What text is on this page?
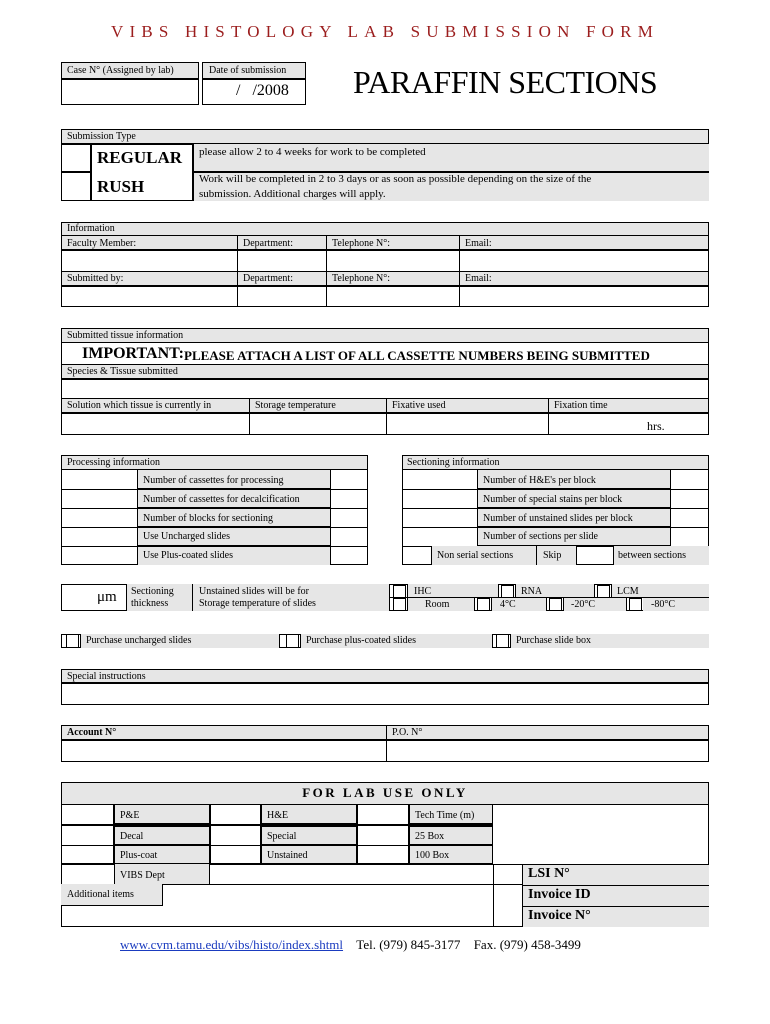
VIBS HISTOLOGY LAB SUBMISSION FORM
Case N° (Assigned by lab)	Date of submission
/   /2008 PARAFFIN SECTIONS
Submission Type
REGULAR please allow 2 to 4 weeks for work to be completed
RUSH	Work will be completed in 2 to 3 days or as soon as possible depending on the size of the
submission. Additional charges will apply.
Information
Faculty Member:	Department:	Telephone N°:	Email:
Submitted by:	Department:	Telephone N°:	Email:
Submitted tissue information
IMPORTANT: PLEASE ATTACH A LIST OF ALL CASSETTE NUMBERS BEING SUBMITTED
Species & Tissue submitted
Solution which tissue is currently in	Storage temperature	Fixative used	Fixation time
hrs.
Processing information
Number of cassettes for processing
Number of cassettes for decalcification
Number of blocks for sectioning
Use Uncharged slides
Use Plus-coated slides
Sectioning information
Number of H&E's per block
Number of special stains per block
Number of unstained slides per block
Number of sections per slide
Non serial sections	Skip	between sections
μm Sectioning
thickness
Unstained slides will be for
Storage temperature of slides
IHC	RNA	LCM
Room	4°C	-20°C	-80°C
Purchase uncharged slides	Purchase plus-coated slides	Purchase slide box
Special instructions
Account N°	P.O. N°
FOR LAB USE ONLY
P&E	H&E	Tech Time (m)
Decal	Special	25 Box
Plus-coat	Unstained	100 Box
VIBS Dept
Additional items
LSI N°
Invoice ID
Invoice N°
www.cvm.tamu.edu/vibs/histo/index.shtml Tel. (979) 845-3177 Fax. (979) 458-3499
